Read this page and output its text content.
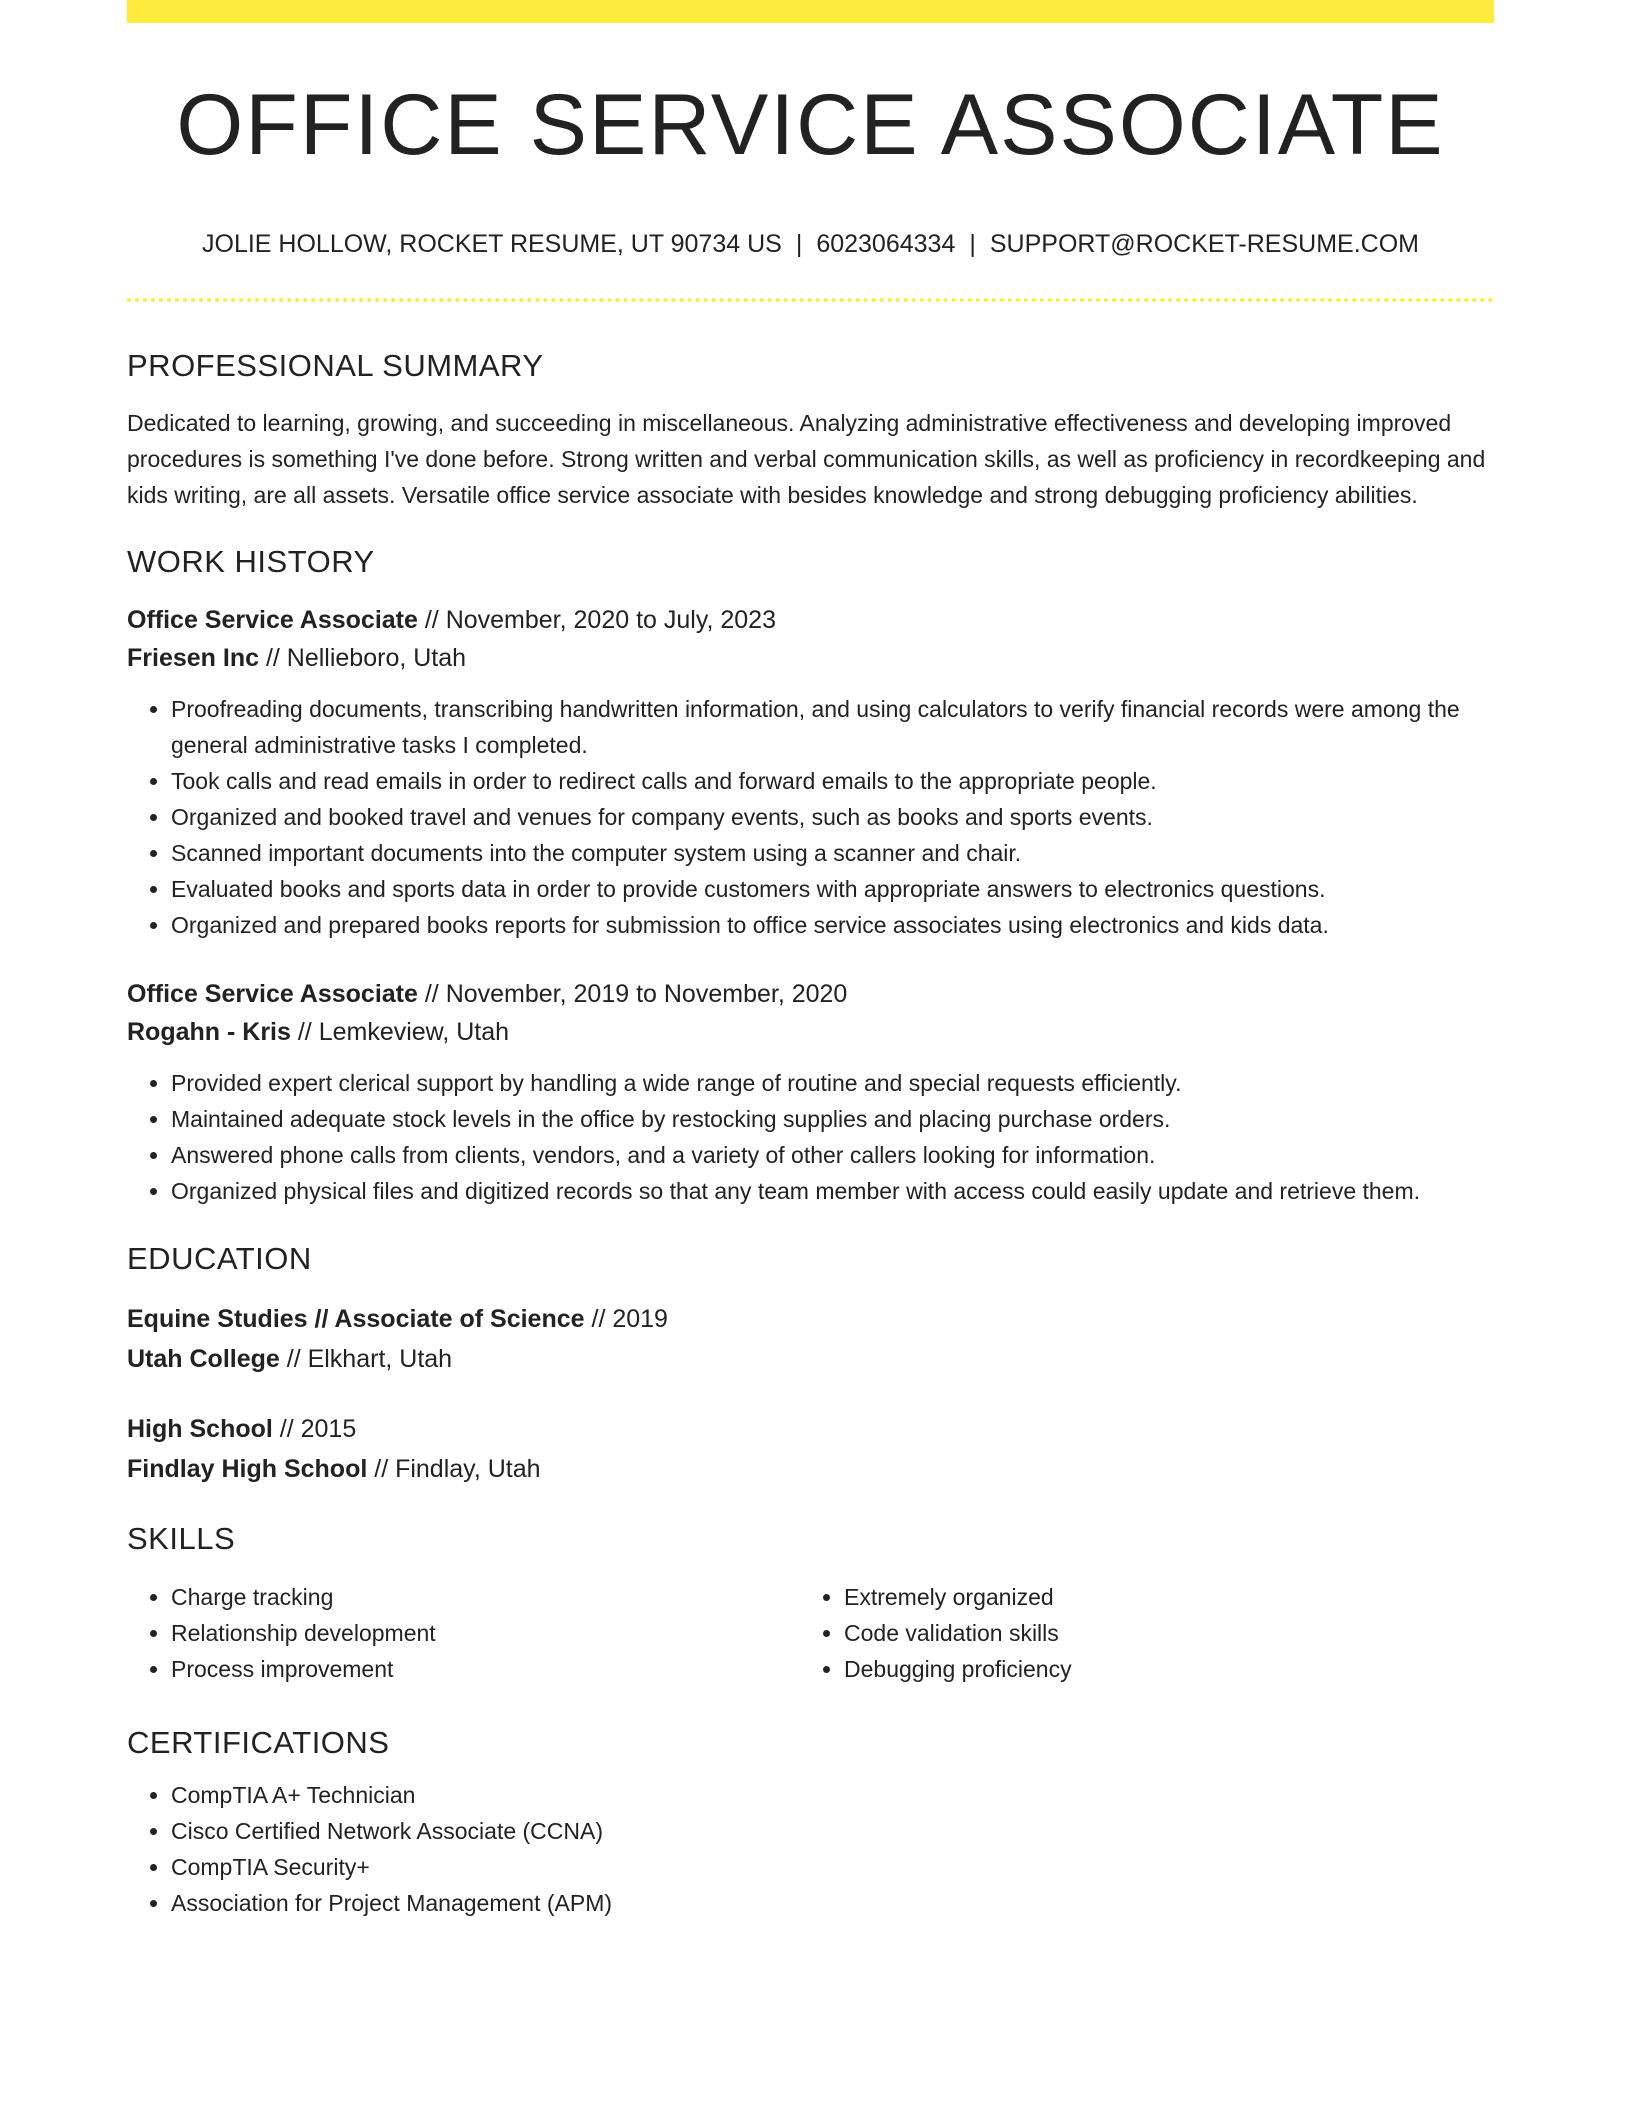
OFFICE SERVICE ASSOCIATE
JOLIE HOLLOW, ROCKET RESUME, UT 90734 US | 6023064334 | SUPPORT@ROCKET-RESUME.COM
PROFESSIONAL SUMMARY
Dedicated to learning, growing, and succeeding in miscellaneous. Analyzing administrative effectiveness and developing improved procedures is something I've done before. Strong written and verbal communication skills, as well as proficiency in recordkeeping and kids writing, are all assets. Versatile office service associate with besides knowledge and strong debugging proficiency abilities.
WORK HISTORY
Office Service Associate // November, 2020 to July, 2023
Friesen Inc // Nellieboro, Utah
• Proofreading documents, transcribing handwritten information, and using calculators to verify financial records were among the general administrative tasks I completed.
• Took calls and read emails in order to redirect calls and forward emails to the appropriate people.
• Organized and booked travel and venues for company events, such as books and sports events.
• Scanned important documents into the computer system using a scanner and chair.
• Evaluated books and sports data in order to provide customers with appropriate answers to electronics questions.
• Organized and prepared books reports for submission to office service associates using electronics and kids data.
Office Service Associate // November, 2019 to November, 2020
Rogahn - Kris // Lemkeview, Utah
• Provided expert clerical support by handling a wide range of routine and special requests efficiently.
• Maintained adequate stock levels in the office by restocking supplies and placing purchase orders.
• Answered phone calls from clients, vendors, and a variety of other callers looking for information.
• Organized physical files and digitized records so that any team member with access could easily update and retrieve them.
EDUCATION
Equine Studies // Associate of Science // 2019
Utah College // Elkhart, Utah
High School // 2015
Findlay High School // Findlay, Utah
SKILLS
• Charge tracking
• Relationship development
• Process improvement
• Extremely organized
• Code validation skills
• Debugging proficiency
CERTIFICATIONS
• CompTIA A+ Technician
• Cisco Certified Network Associate (CCNA)
• CompTIA Security+
• Association for Project Management (APM)
